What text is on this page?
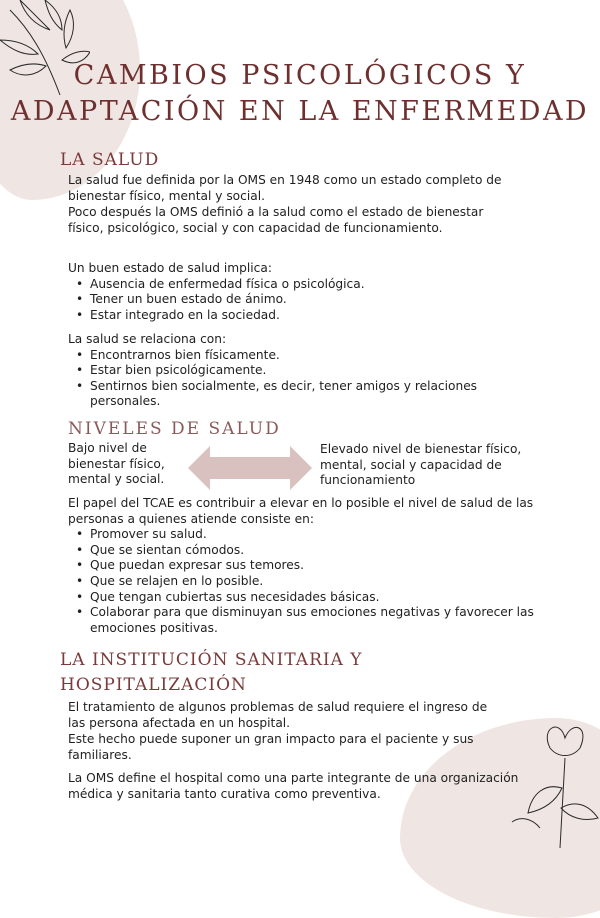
CAMBIOS PSICOLÓGICOS Y
ADAPTACIÓN EN LA ENFERMEDAD
LA SALUD

La salud fue definida por la OMS en 1948 como un estado completo de bienestar físico, mental y social.

Poco después la OMS definió a la salud como el estado de bienestar físico, psicológico, social y con capacidad de funcionamiento.

Un buen estado de salud implica:
• Ausencia de enfermedad física o psicológica.
• Tener un buen estado de ánimo.
• Estar integrado en la sociedad.
La salud se relaciona con:
• Encontrarnos bien físicamente.
• Estar bien psicológicamente.
• Sentirnos bien socialmente, es decir, tener amigos y relaciones personales.
NIVELES DE SALUD
Bajo nivel de bienestar físico, mental y social.
Elevado nivel de bienestar físico, mental, social y capacidad de funcionamiento
El papel del TCAE es contribuir a elevar en lo posible el nivel de salud de las personas a quienes atiende consiste en:
• Promover su salud.
• Que se sientan cómodos.
• Que puedan expresar sus temores.
• Que se relajen en lo posible.
• Que tengan cubiertas sus necesidades básicas.
• Colaborar para que disminuyan sus emociones negativas y favorecer las emociones positivas.
LA INSTITUCIÓN SANITARIA Y
HOSPITALIZACIÓN

El tratamiento de algunos problemas de salud requiere el ingreso de las persona afectada en un hospital.

Este hecho puede suponer un gran impacto para el paciente y sus familiares.

La OMS define el hospital como una parte integrante de una organización médica y sanitaria tanto curativa como preventiva.
